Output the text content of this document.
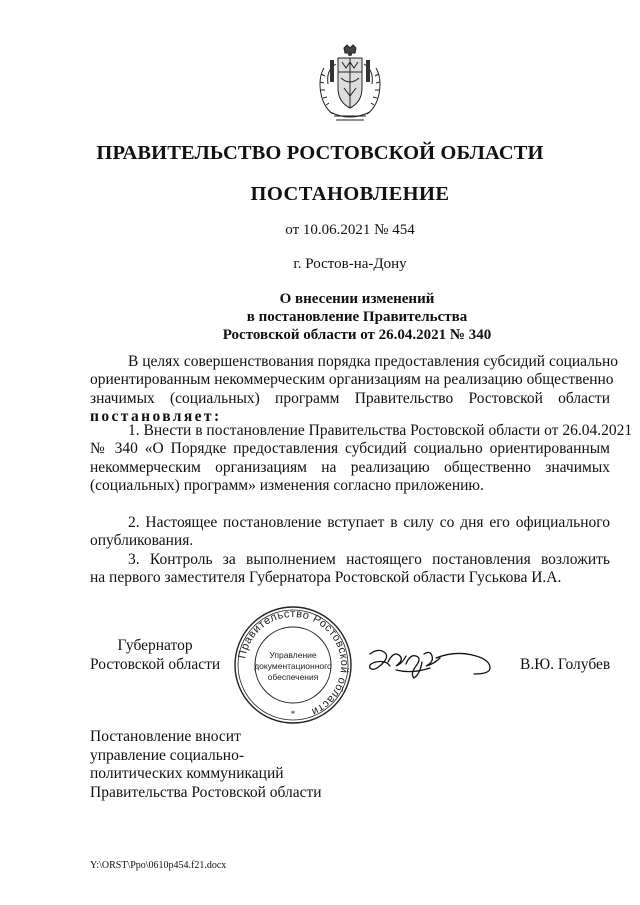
ПРАВИТЕЛЬСТВО РОСТОВСКОЙ ОБЛАСТИ
ПОСТАНОВЛЕНИЕ
от 10.06.2021 № 454
г. Ростов-на-Дону
О внесении изменений
в постановление Правительства
Ростовской области от 26.04.2021 № 340
В целях совершенствования порядка предоставления субсидий социально
ориентированным некоммерческим организациям на реализацию общественно
значимых (социальных) программ Правительство Ростовской области
постановляет:
1. Внести в постановление Правительства Ростовской области от 26.04.2021
№ 340 «О Порядке предоставления субсидий социально ориентированным
некоммерческим организациям на реализацию общественно значимых
(социальных) программ» изменения согласно приложению.
2. Настоящее постановление вступает в силу со дня его официального
опубликования.
3. Контроль за выполнением настоящего постановления возложить
на первого заместителя Губернатора Ростовской области Гуськова И.А.
Губернатор
Ростовской области
Правительство Ростовской области
Управление
документационного
обеспечения
*
В.Ю. Голубев
Постановление вносит
управление социально-
политических коммуникаций
Правительства Ростовской области
Y:\ORST\Ppo\0610p454.f21.docx
